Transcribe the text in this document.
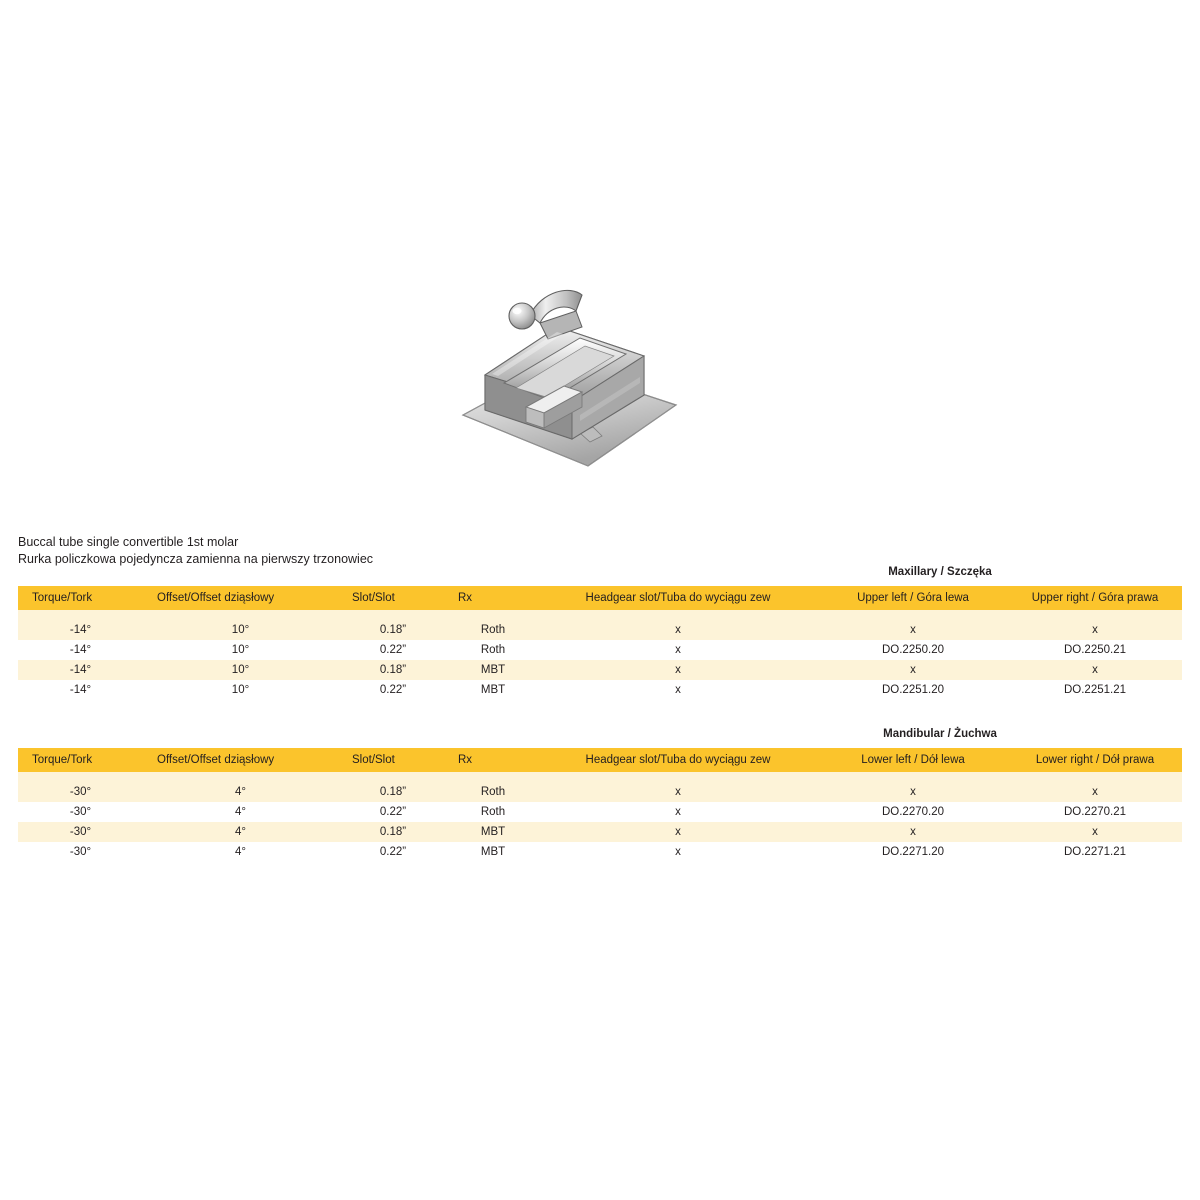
Buccal tube single convertible 1st molar
Rurka policzkowa pojedyncza zamienna na pierwszy trzonowiec
Maxillary / Szczęka
Torque/Tork	Offset/Offset dziąsłowy	Slot/Slot	Rx	Headgear slot/Tuba do wyciągu zew	Upper left / Góra lewa	Upper right / Góra prawa

-14°	10°	0.18”	Roth	x	x	x
-14°	10°	0.22”	Roth	x	DO.2250.20	DO.2250.21
-14°	10°	0.18”	MBT	x	x	x
-14°	10°	0.22”	MBT	x	DO.2251.20	DO.2251.21
Mandibular / Żuchwa
Torque/Tork	Offset/Offset dziąsłowy	Slot/Slot	Rx	Headgear slot/Tuba do wyciągu zew	Lower left / Dół lewa	Lower right / Dół prawa

-30°	4°	0.18”	Roth	x	x	x
-30°	4°	0.22”	Roth	x	DO.2270.20	DO.2270.21
-30°	4°	0.18”	MBT	x	x	x
-30°	4°	0.22”	MBT	x	DO.2271.20	DO.2271.21
